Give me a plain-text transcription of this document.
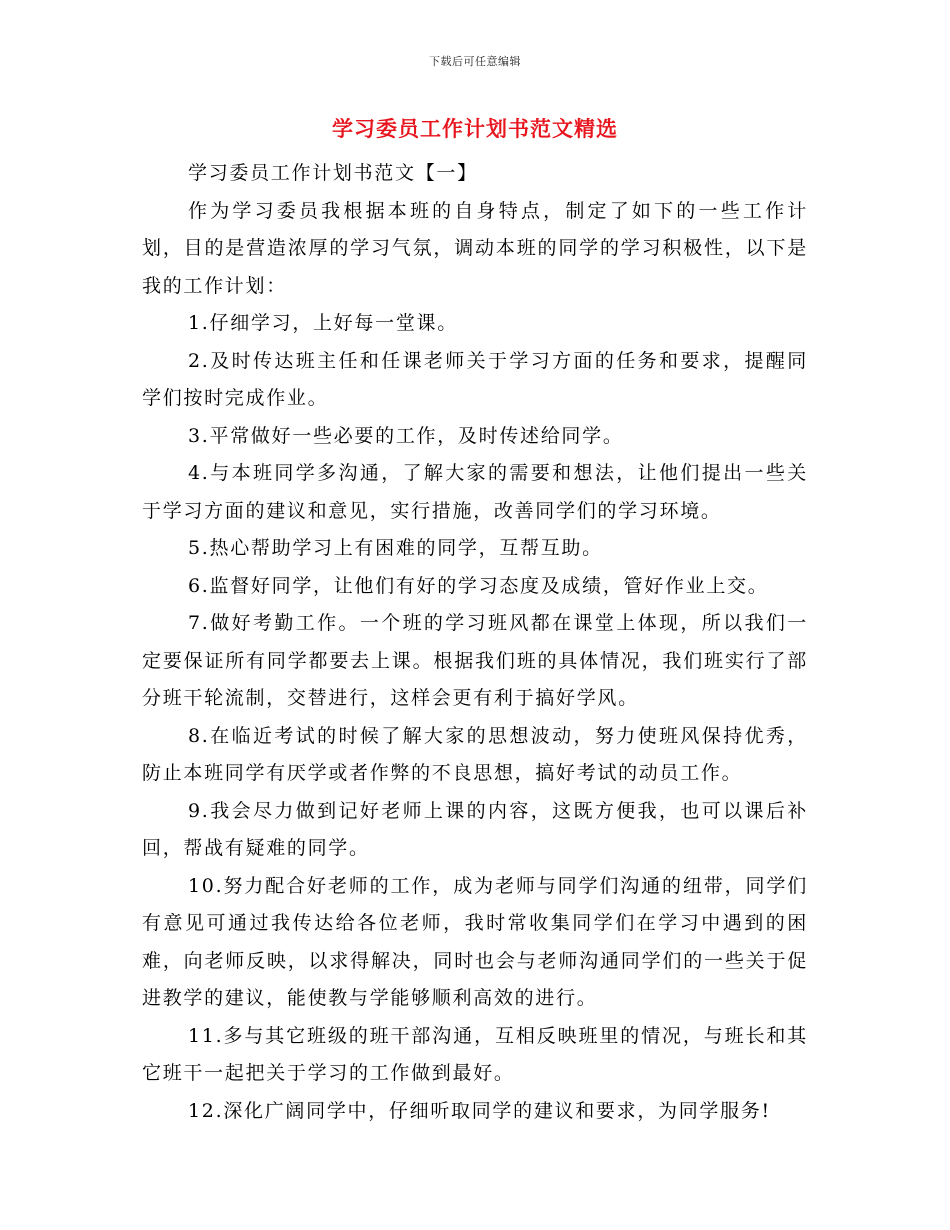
下载后可任意编辑
学习委员工作计划书范文精选

学习委员工作计划书范文【一】

作为学习委员我根据本班的自身特点，制定了如下的一些工作计划，目的是营造浓厚的学习气氛，调动本班的同学的学习积极性，以下是我的工作计划：

1.仔细学习，上好每一堂课。

2.及时传达班主任和任课老师关于学习方面的任务和要求，提醒同学们按时完成作业。

3.平常做好一些必要的工作，及时传述给同学。

4.与本班同学多沟通，了解大家的需要和想法，让他们提出一些关于学习方面的建议和意见，实行措施，改善同学们的学习环境。

5.热心帮助学习上有困难的同学，互帮互助。

6.监督好同学，让他们有好的学习态度及成绩，管好作业上交。

7.做好考勤工作。一个班的学习班风都在课堂上体现，所以我们一定要保证所有同学都要去上课。根据我们班的具体情况，我们班实行了部分班干轮流制，交替进行，这样会更有利于搞好学风。

8.在临近考试的时候了解大家的思想波动，努力使班风保持优秀，防止本班同学有厌学或者作弊的不良思想，搞好考试的动员工作。

9.我会尽力做到记好老师上课的内容，这既方便我，也可以课后补回，帮战有疑难的同学。

10.努力配合好老师的工作，成为老师与同学们沟通的纽带，同学们有意见可通过我传达给各位老师，我时常收集同学们在学习中遇到的困难，向老师反映，以求得解决，同时也会与老师沟通同学们的一些关于促进教学的建议，能使教与学能够顺利高效的进行。

11.多与其它班级的班干部沟通，互相反映班里的情况，与班长和其它班干一起把关于学习的工作做到最好。

12.深化广阔同学中，仔细听取同学的建议和要求，为同学服务!
